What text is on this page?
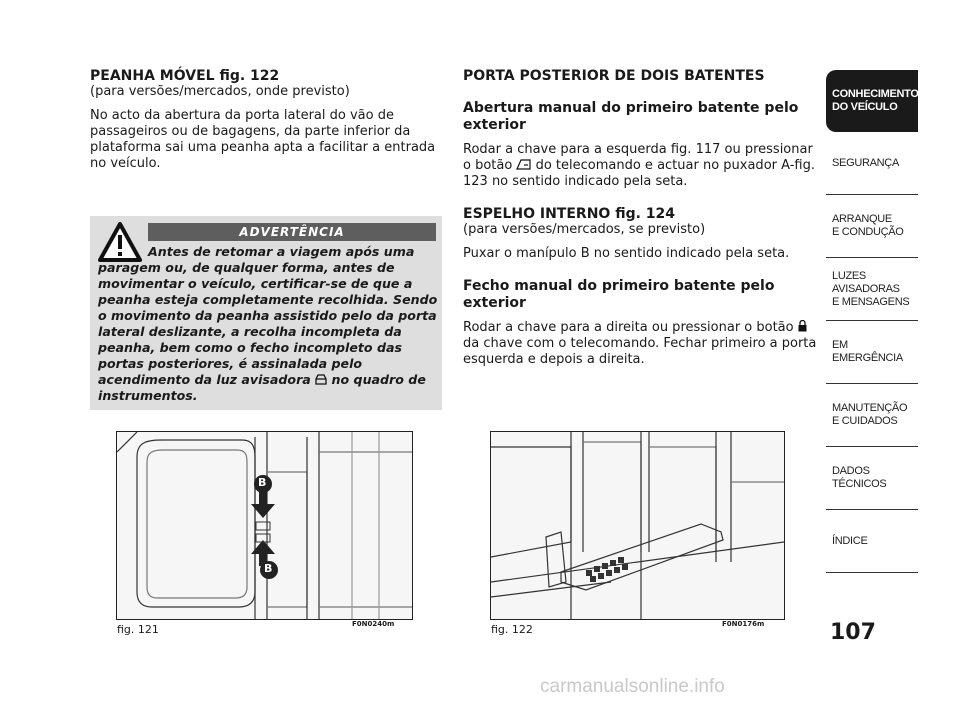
PEANHA MÓVEL fig. 122
(para versões/mercados, onde previsto)
No acto da abertura da porta lateral do vão de passageiros ou de bagagens, da parte inferior da plataforma sai uma peanha apta a facilitar a entrada no veículo.
ADVERTÊNCIA
Antes de retomar a viagem após uma paragem ou, de qualquer forma, antes de movimentar o veículo, certificar-se de que a peanha esteja completamente recolhida. Sendo o movimento da peanha assistido pelo da porta lateral deslizante, a recolha incompleta da peanha, bem como o fecho incompleto das portas posteriores, é assinalada pelo acendimento da luz avisadora  no quadro de instrumentos.
PORTA POSTERIOR DE DOIS BATENTES
Abertura manual do primeiro batente pelo exterior
Rodar a chave para a esquerda fig. 117 ou pressionar o botão  do telecomando e actuar no puxador A-fig. 123 no sentido indicado pela seta.
ESPELHO INTERNO fig. 124
(para versões/mercados, se previsto)
Puxar o manípulo B no sentido indicado pela seta.
Fecho manual do primeiro batente pelo exterior
Rodar a chave para a direita ou pressionar o botão  da chave com o telecomando. Fechar primeiro a porta esquerda e depois a direita.
B
B
fig. 121	F0N0240m	fig. 122	F0N0176m
CONHECIMENTO
DO VEÍCULO
SEGURANÇA
ARRANQUE
E CONDUÇÃO
LUZES
AVISADORAS
E MENSAGENS
EM EMERGÊNCIA
MANUTENÇÃO
E CUIDADOS
DADOS
TÉCNICOS
ÍNDICE
107
carmanualsonline.info
